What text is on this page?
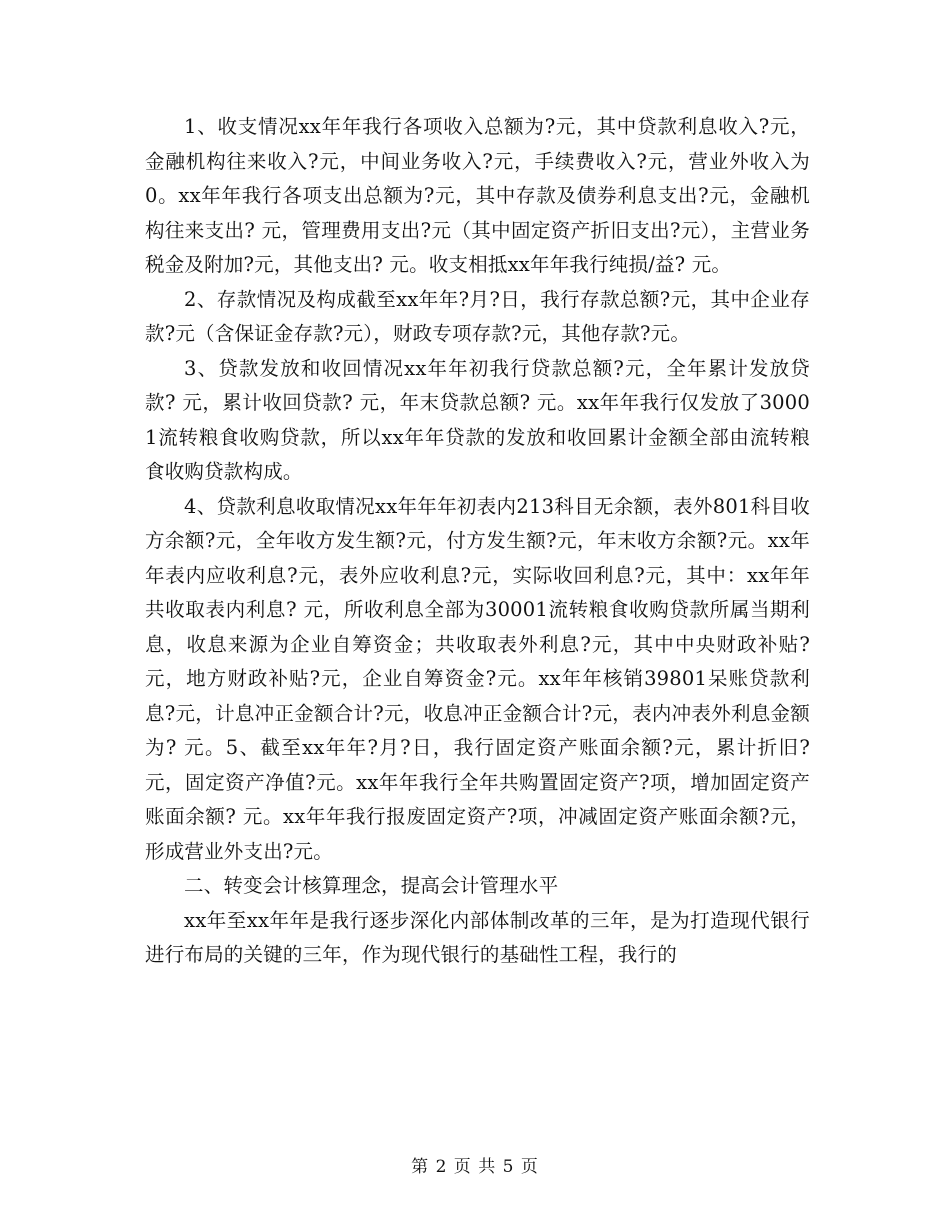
1、收支情况xx年年我行各项收入总额为?元，其中贷款利息收入?元，金融机构往来收入?元，中间业务收入?元，手续费收入?元，营业外收入为0。xx年年我行各项支出总额为?元，其中存款及债券利息支出?元，金融机构往来支出? 元，管理费用支出?元（其中固定资产折旧支出?元），主营业务税金及附加?元，其他支出? 元。收支相抵xx年年我行纯损/益? 元。

2、存款情况及构成截至xx年年?月?日，我行存款总额?元，其中企业存款?元（含保证金存款?元），财政专项存款?元，其他存款?元。

3、贷款发放和收回情况xx年年初我行贷款总额?元，全年累计发放贷款? 元，累计收回贷款? 元，年末贷款总额? 元。xx年年我行仅发放了30001流转粮食收购贷款，所以xx年年贷款的发放和收回累计金额全部由流转粮食收购贷款构成。

4、贷款利息收取情况xx年年年初表内213科目无余额，表外801科目收方余额?元，全年收方发生额?元，付方发生额?元，年末收方余额?元。xx年年表内应收利息?元，表外应收利息?元，实际收回利息?元，其中：xx年年共收取表内利息? 元，所收利息全部为30001流转粮食收购贷款所属当期利息，收息来源为企业自筹资金；共收取表外利息?元，其中中央财政补贴?元，地方财政补贴?元，企业自筹资金?元。xx年年核销39801呆账贷款利息?元，计息冲正金额合计?元，收息冲正金额合计?元，表内冲表外利息金额为? 元。5、截至xx年年?月?日，我行固定资产账面余额?元，累计折旧?元，固定资产净值?元。xx年年我行全年共购置固定资产?项，增加固定资产账面余额? 元。xx年年我行报废固定资产?项，冲减固定资产账面余额?元，形成营业外支出?元。

二、转变会计核算理念，提高会计管理水平

xx年至xx年年是我行逐步深化内部体制改革的三年，是为打造现代银行进行布局的关键的三年，作为现代银行的基础性工程，我行的

第 2 页 共 5 页
